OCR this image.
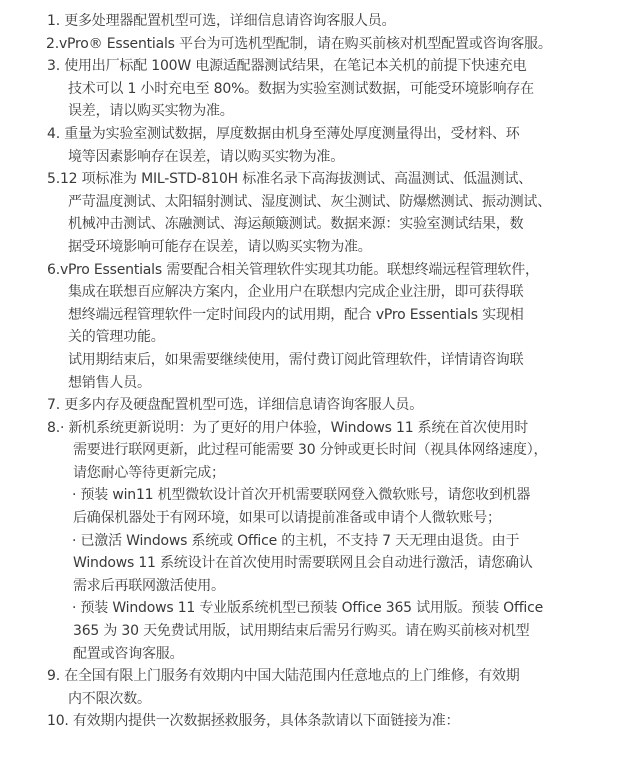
1. 更多处理器配置机型可选，详细信息请咨询客服人员。
2.vPro® Essentials 平台为可选机型配制，请在购买前核对机型配置或咨询客服。
3. 使用出厂标配 100W 电源适配器测试结果，在笔记本关机的前提下快速充电
技术可以 1 小时充电至 80%。数据为实验室测试数据，可能受环境影响存在
误差，请以购买实物为准。
4. 重量为实验室测试数据，厚度数据由机身至薄处厚度测量得出，受材料、环
境等因素影响存在误差，请以购买实物为准。
5.12 项标准为 MIL-STD-810H 标准名录下高海拔测试、高温测试、低温测试、
严苛温度测试、太阳辐射测试、湿度测试、灰尘测试、防爆燃测试、振动测试、
机械冲击测试、冻融测试、海运颠簸测试。数据来源：实验室测试结果，数
据受环境影响可能存在误差，请以购买实物为准。
6.vPro Essentials 需要配合相关管理软件实现其功能。联想终端远程管理软件，
集成在联想百应解决方案内，企业用户在联想内完成企业注册，即可获得联
想终端远程管理软件一定时间段内的试用期，配合 vPro Essentials 实现相
关的管理功能。
试用期结束后，如果需要继续使用，需付费订阅此管理软件，详情请咨询联
想销售人员。
7. 更多内存及硬盘配置机型可选，详细信息请咨询客服人员。
8.· 新机系统更新说明：为了更好的用户体验，Windows 11 系统在首次使用时
需要进行联网更新，此过程可能需要 30 分钟或更长时间（视具体网络速度），
请您耐心等待更新完成；
· 预装 win11 机型微软设计首次开机需要联网登入微软账号，请您收到机器
后确保机器处于有网环境，如果可以请提前准备或申请个人微软账号；
· 已激活 Windows 系统或 Office 的主机，不支持 7 天无理由退货。由于
Windows 11 系统设计在首次使用时需要联网且会自动进行激活，请您确认
需求后再联网激活使用。
· 预装 Windows 11 专业版系统机型已预装 Office 365 试用版。预装 Office
365 为 30 天免费试用版，试用期结束后需另行购买。请在购买前核对机型
配置或咨询客服。
9. 在全国有限上门服务有效期内中国大陆范围内任意地点的上门维修，有效期
内不限次数。
10. 有效期内提供一次数据拯救服务，具体条款请以下面链接为准：
